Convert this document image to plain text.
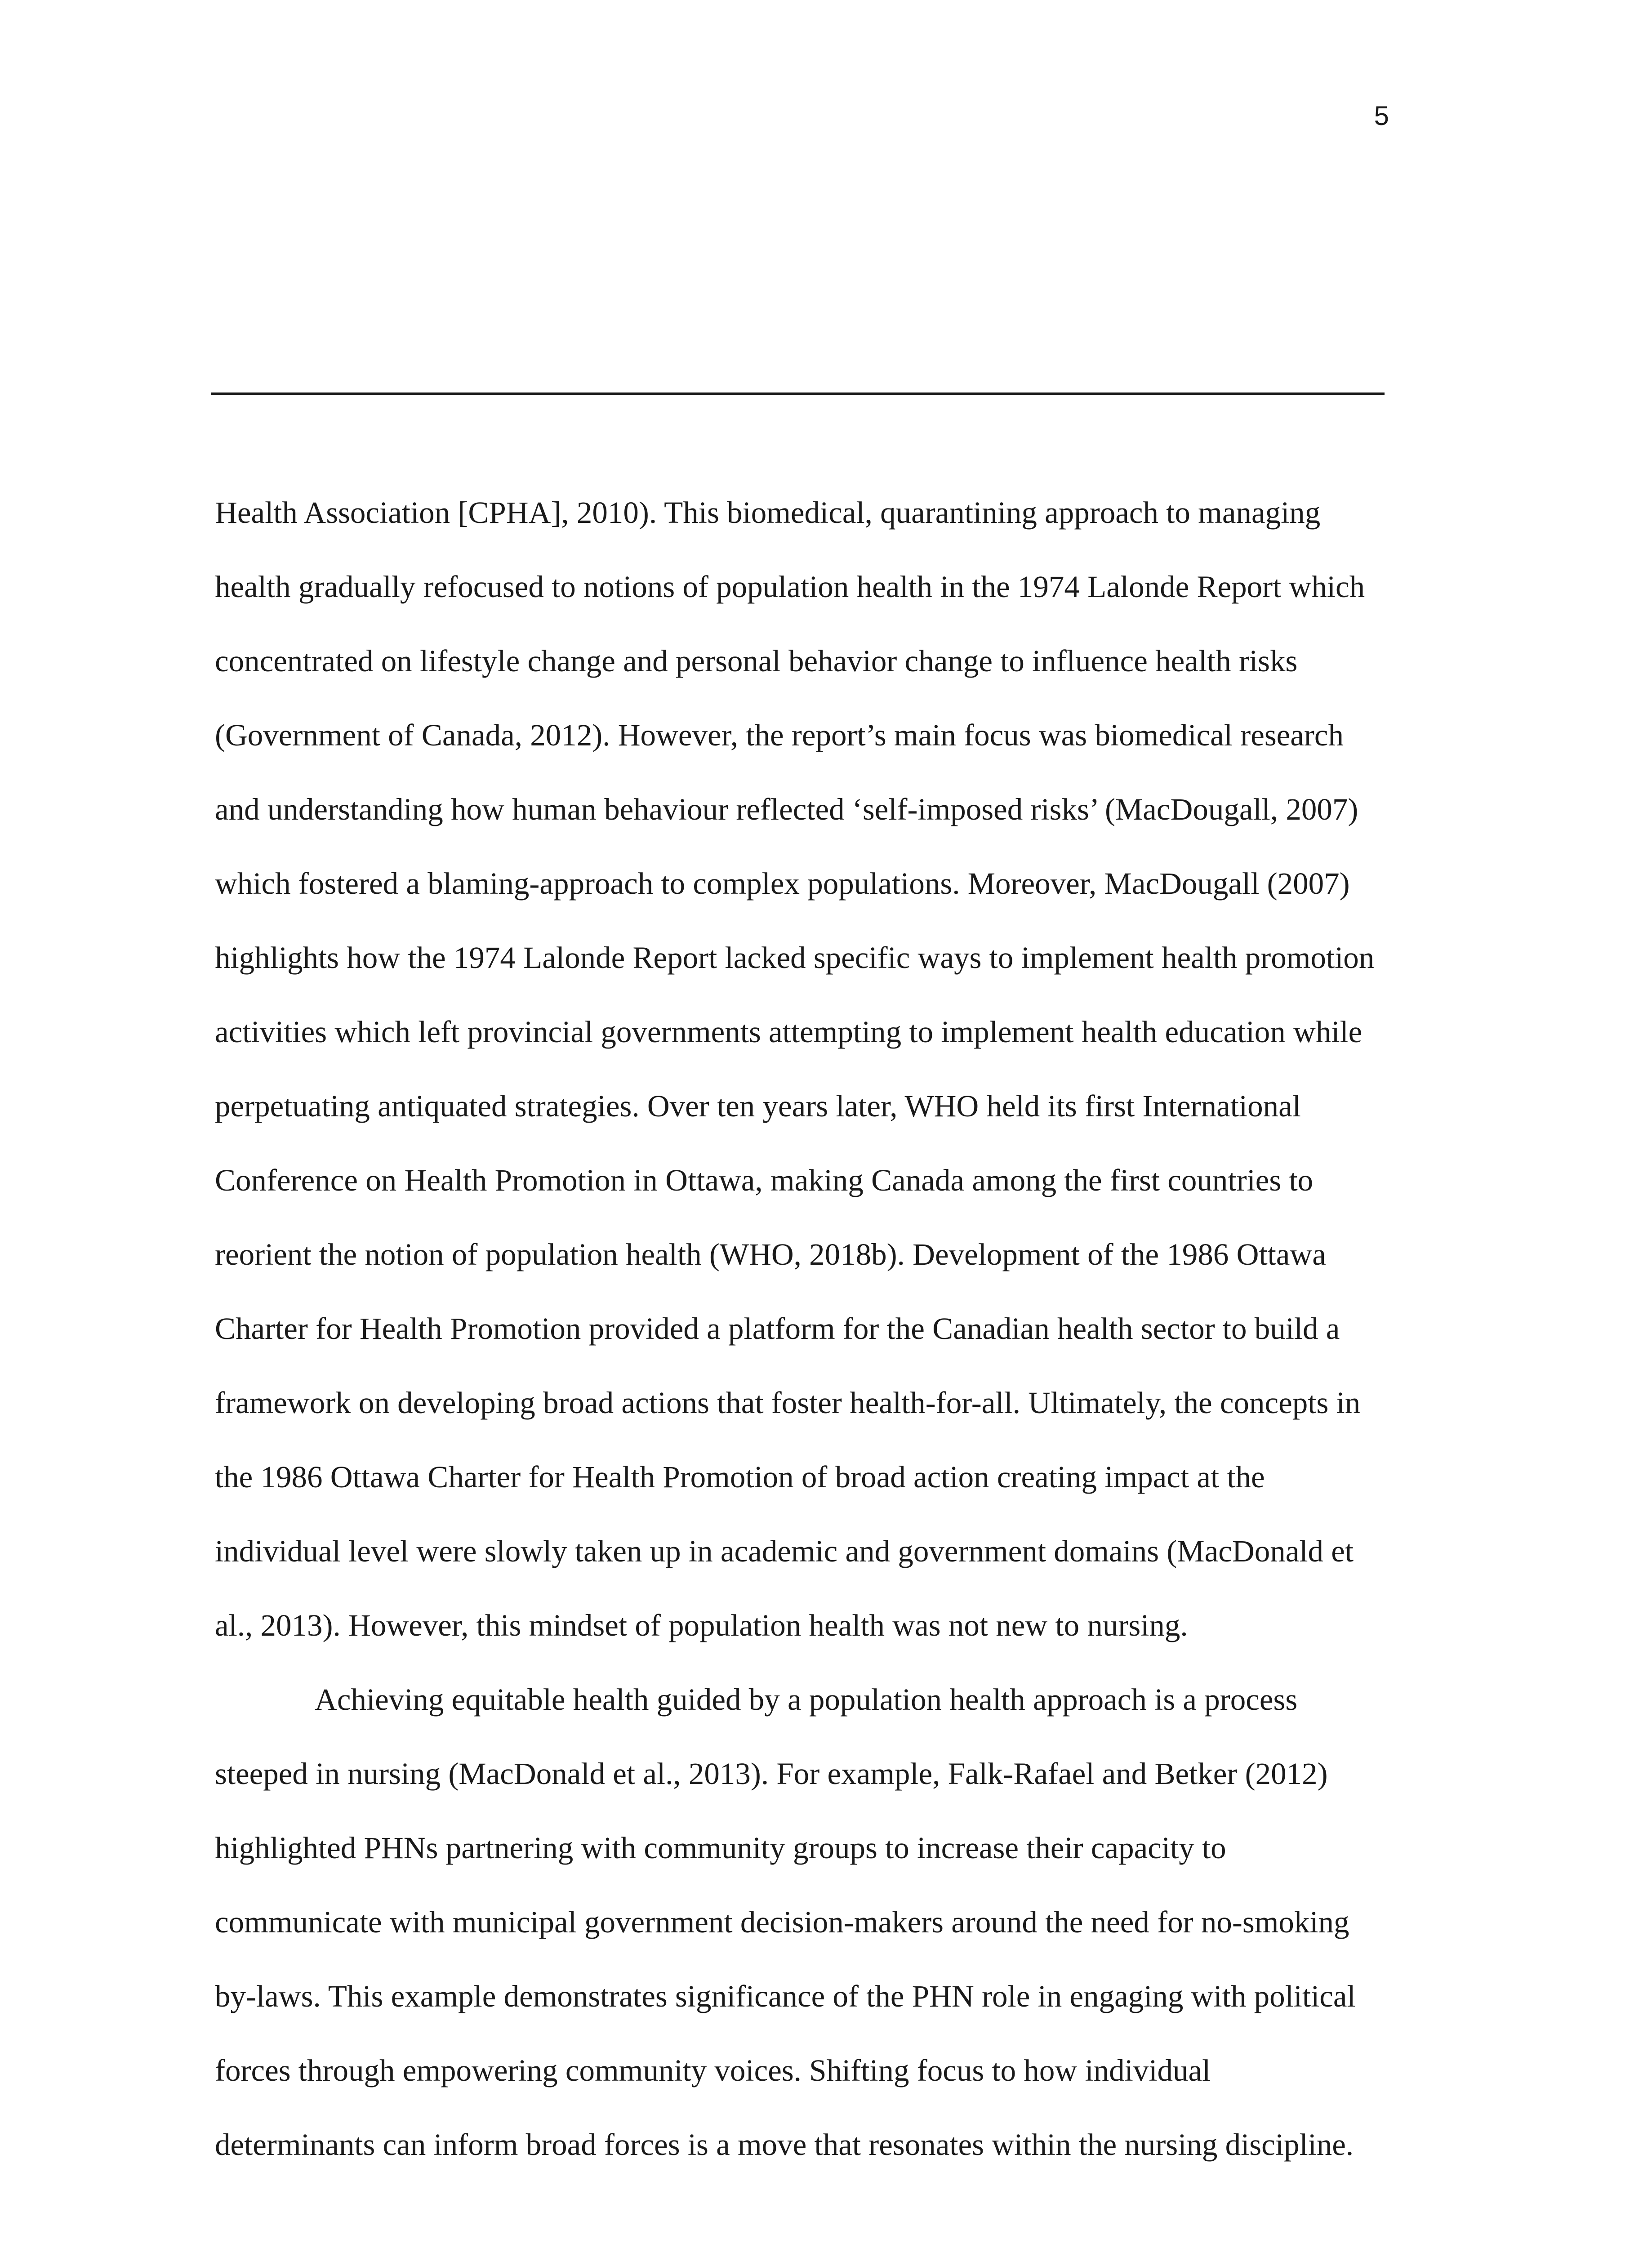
5
Health Association [CPHA], 2010). This biomedical, quarantining approach to managing
health gradually refocused to notions of population health in the 1974 Lalonde Report which
concentrated on lifestyle change and personal behavior change to influence health risks
(Government of Canada, 2012). However, the report’s main focus was biomedical research
and understanding how human behaviour reflected ‘self-imposed risks’ (MacDougall, 2007)
which fostered a blaming-approach to complex populations. Moreover, MacDougall (2007)
highlights how the 1974 Lalonde Report lacked specific ways to implement health promotion
activities which left provincial governments attempting to implement health education while
perpetuating antiquated strategies. Over ten years later, WHO held its first International
Conference on Health Promotion in Ottawa, making Canada among the first countries to
reorient the notion of population health (WHO, 2018b). Development of the 1986 Ottawa
Charter for Health Promotion provided a platform for the Canadian health sector to build a
framework on developing broad actions that foster health-for-all. Ultimately, the concepts in
the 1986 Ottawa Charter for Health Promotion of broad action creating impact at the
individual level were slowly taken up in academic and government domains (MacDonald et
al., 2013). However, this mindset of population health was not new to nursing.
Achieving equitable health guided by a population health approach is a process
steeped in nursing (MacDonald et al., 2013). For example, Falk-Rafael and Betker (2012)
highlighted PHNs partnering with community groups to increase their capacity to
communicate with municipal government decision-makers around the need for no-smoking
by-laws. This example demonstrates significance of the PHN role in engaging with political
forces through empowering community voices. Shifting focus to how individual
determinants can inform broad forces is a move that resonates within the nursing discipline.
